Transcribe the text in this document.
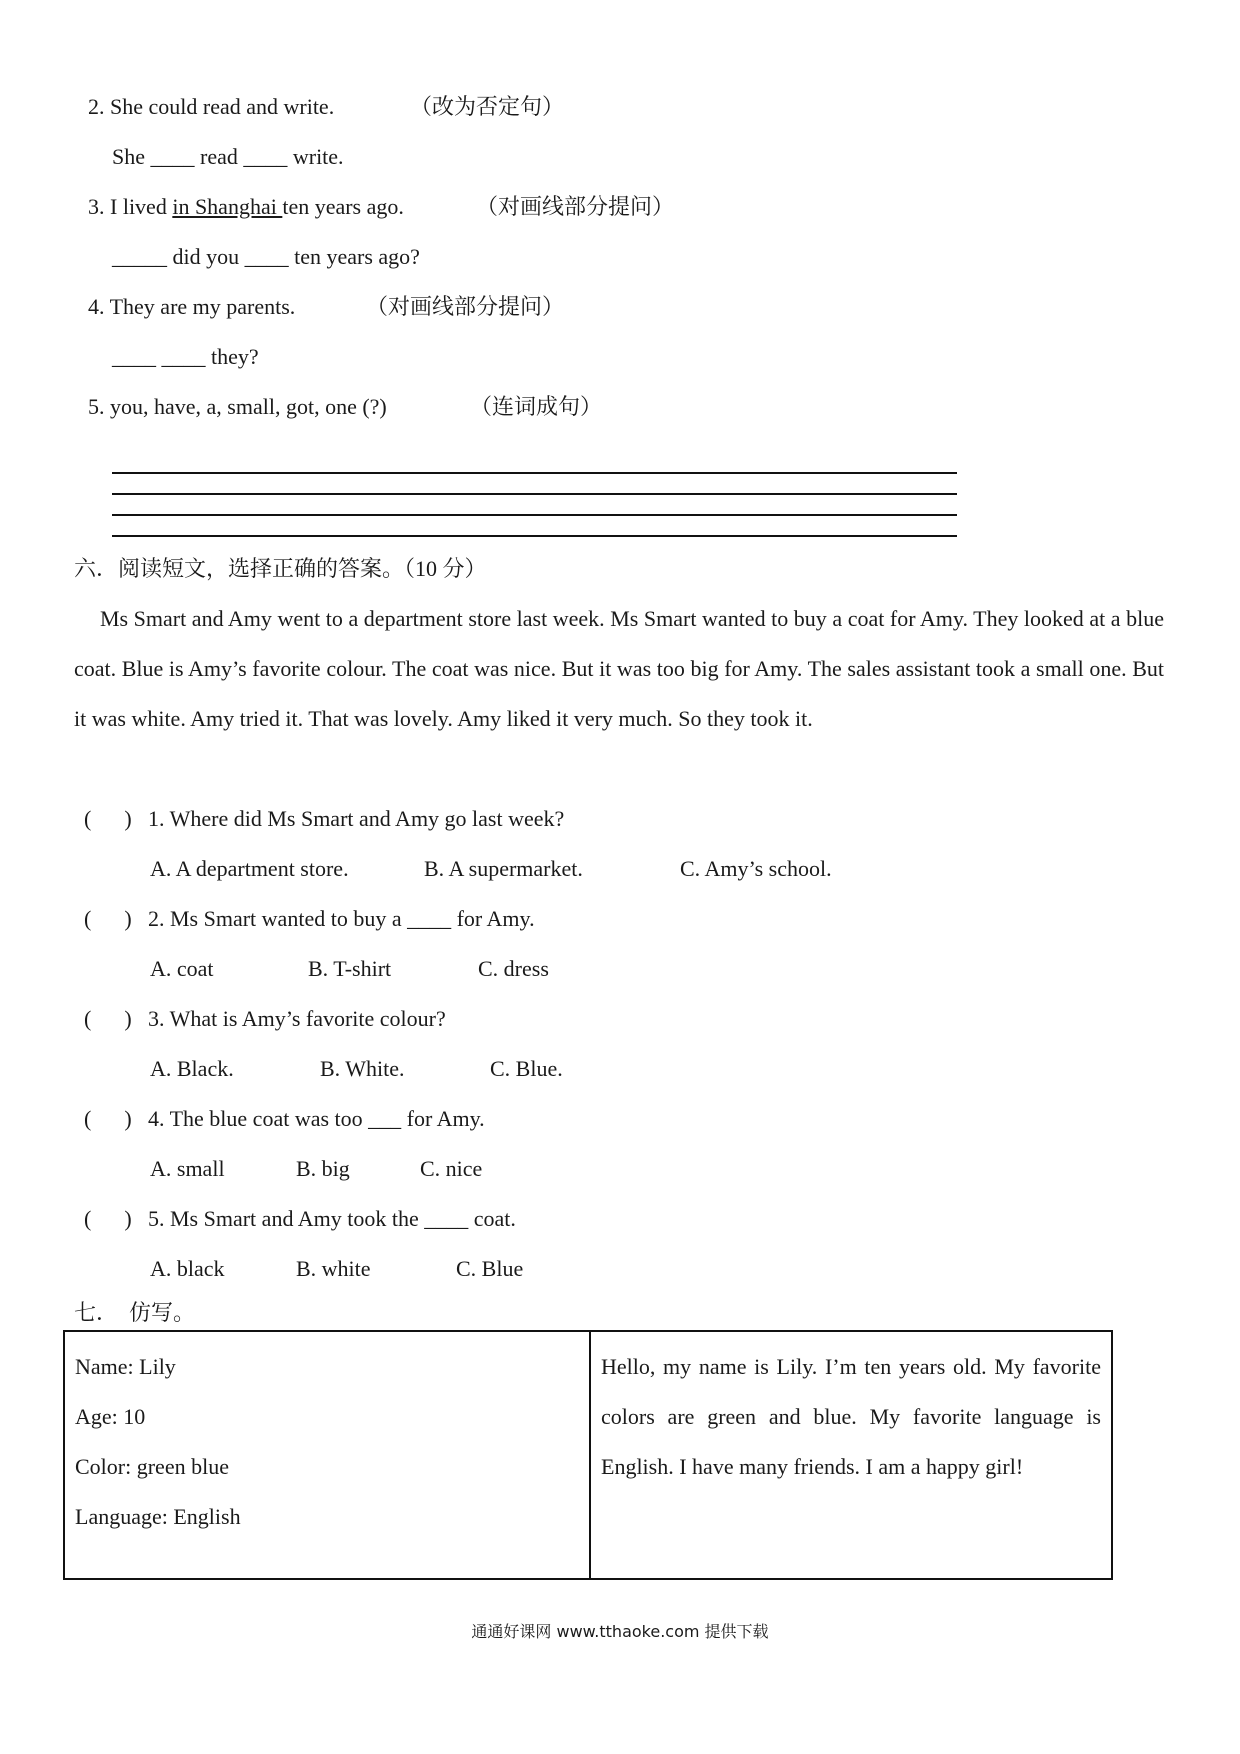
2. She could read and write.	（改为否定句）
She ____ read ____ write.
3. I lived in Shanghai ten years ago.	（对画线部分提问）
_____ did you ____ ten years ago?
4. They are my parents.	（对画线部分提问）
____ ____ they?
5. you, have, a, small, got, one (?)	（连词成句）
六．阅读短文，选择正确的答案。（10 分）
Ms Smart and Amy went to a department store last week. Ms Smart wanted to buy a coat for Amy. They looked at a blue coat. Blue is Amy’s favorite colour. The coat was nice. But it was too big for Amy. The sales assistant took a small one. But it was white. Amy tried it. That was lovely. Amy liked it very much. So they took it.
(      ) 1. Where did Ms Smart and Amy go last week?
A. A department store.	B. A supermarket.	C. Amy’s school.
(      ) 2. Ms Smart wanted to buy a ____ for Amy.
A. coat	B. T-shirt	C. dress
(      ) 3. What is Amy’s favorite colour?
A. Black.	B. White.	C. Blue.
(      ) 4. The blue coat was too ___ for Amy.
A. small	B. big	C. nice
(      ) 5. Ms Smart and Amy took the ____ coat.
A. black	B. white	C. Blue
七．  仿写。
Name: Lily
Age: 10
Color: green blue
Language: English
Hello, my name is Lily. I’m ten years old. My favorite colors are green and blue. My favorite language is English. I have many friends. I am a happy girl!
通通好课网 www.tthaoke.com 提供下载
